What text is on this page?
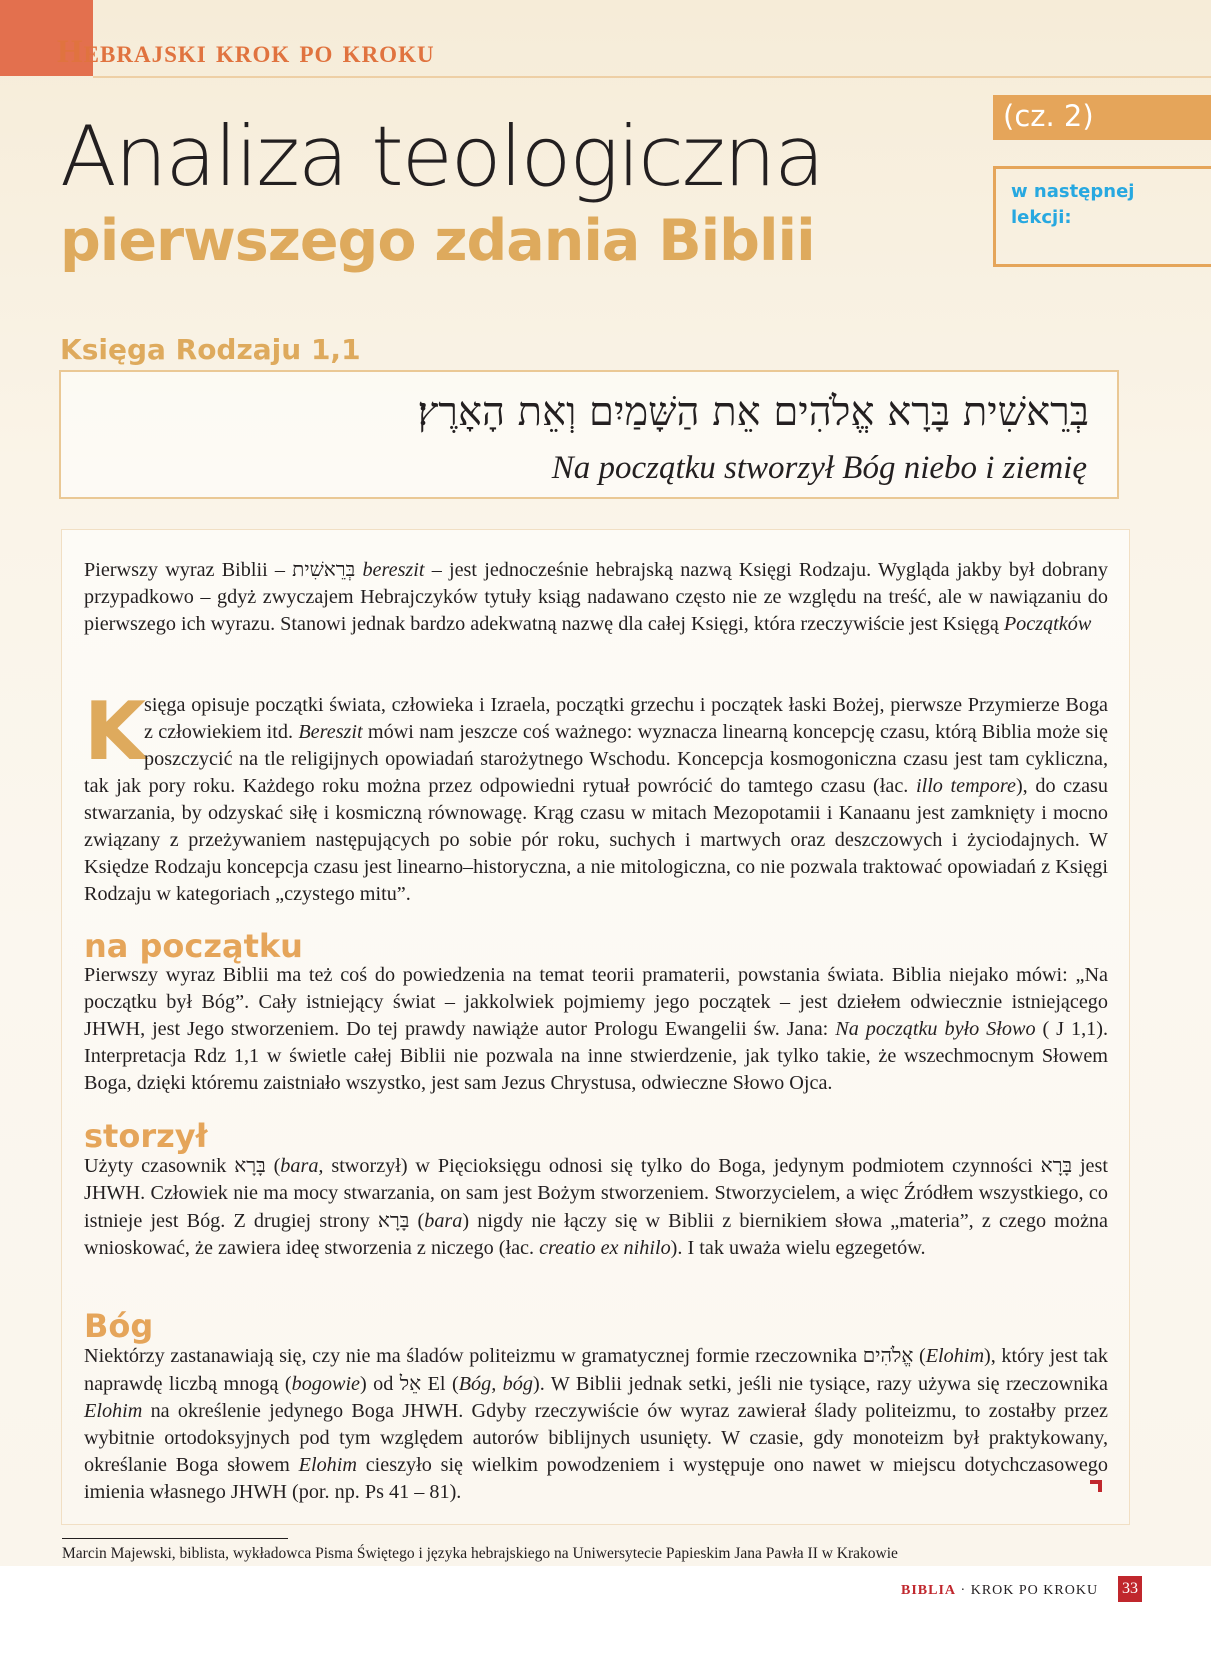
Hebrajski krok po kroku
Analiza teologiczna
pierwszego zdania Biblii
(cz. 2)
w następnej lekcji:
Księga Rodzaju 1,1
בְּרֵאשִׁית בָּרָא אֱלֹהִים אֵת הַשָּׁמַיִם וְאֵת הָאָרֶץ׃
Na początku stworzył Bóg niebo i ziemię

Pierwszy wyraz Biblii – בְּרֵאשִׁית bereszit – jest jednocześnie hebrajską nazwą Księgi Rodzaju. Wygląda jakby był dobrany przypadkowo – gdyż zwyczajem Hebrajczyków tytuły ksiąg nadawano często nie ze względu na treść, ale w nawiązaniu do pierwszego ich wyrazu. Stanowi jednak bardzo adekwatną nazwę dla całej Księgi, która rzeczywiście jest Księgą Początków

K

sięga opisuje początki świata, człowieka i Izraela, początki grzechu i początek łaski Bożej, pierwsze Przymierze Boga z człowiekiem itd. Bereszit mówi nam jeszcze coś ważnego: wyznacza linearną koncepcję czasu, którą Biblia może się poszczycić na tle religijnych opowiadań starożytnego Wschodu. Koncepcja kosmogoniczna czasu jest tam cykliczna, tak jak pory roku. Każdego roku można przez odpowiedni rytuał powrócić do tamtego czasu (łac. illo tempore), do czasu stwarzania, by odzyskać siłę i kosmiczną równowagę. Krąg czasu w mitach Mezopotamii i Kanaanu jest zamknięty i mocno związany z przeżywaniem następujących po sobie pór roku, suchych i martwych oraz deszczowych i życiodajnych. W Księdze Rodzaju koncepcja czasu jest linearno–historyczna, a nie mitologiczna, co nie pozwala traktować opowiadań z Księgi Rodzaju w kategoriach „czystego mitu”.

na początku

Pierwszy wyraz Biblii ma też coś do powiedzenia na temat teorii pramaterii, powstania świata. Biblia niejako mówi: „Na początku był Bóg”. Cały istniejący świat – jakkolwiek pojmiemy jego początek – jest dziełem odwiecznie istniejącego JHWH, jest Jego stworzeniem. Do tej prawdy nawiąże autor Prologu Ewangelii św. Jana: Na początku było Słowo ( J 1,1). Interpretacja Rdz 1,1 w świetle całej Biblii nie pozwala na inne stwierdzenie, jak tylko takie, że wszechmocnym Słowem Boga, dzięki któremu zaistniało wszystko, jest sam Jezus Chrystusa, odwieczne Słowo Ojca.

storzył

Użyty czasownik בָּרָא (bara, stworzył) w Pięcioksięgu odnosi się tylko do Boga, jedynym podmiotem czynności בָּרָא jest JHWH. Człowiek nie ma mocy stwarzania, on sam jest Bożym stworzeniem. Stworzycielem, a więc Źródłem wszystkiego, co istnieje jest Bóg. Z drugiej strony בָּרָא (bara) nigdy nie łączy się w Biblii z biernikiem słowa „materia”, z czego można wnioskować, że zawiera ideę stworzenia z niczego (łac. creatio ex nihilo). I tak uważa wielu egzegetów.

Bóg

Niektórzy zastanawiają się, czy nie ma śladów politeizmu w gramatycznej formie rzeczownika אֱלֹהִים (Elohim), który jest tak naprawdę liczbą mnogą (bogowie) od אֵל El (Bóg, bóg). W Biblii jednak setki, jeśli nie tysiące, razy używa się rzeczownika Elohim na określenie jedynego Boga JHWH. Gdyby rzeczywiście ów wyraz zawierał ślady politeizmu, to zostałby przez wybitnie ortodoksyjnych pod tym względem autorów biblijnych usunięty. W czasie, gdy monoteizm był praktykowany, określanie Boga słowem Elohim cieszyło się wielkim powodzeniem i występuje ono nawet w miejscu dotychczasowego imienia własnego JHWH (por. np. Ps 41 – 81).

Marcin Majewski, biblista, wykładowca Pisma Świętego i języka hebrajskiego na Uniwersytecie Papieskim Jana Pawła II w Krakowie

BIBLIA · KROK PO KROKU 33
